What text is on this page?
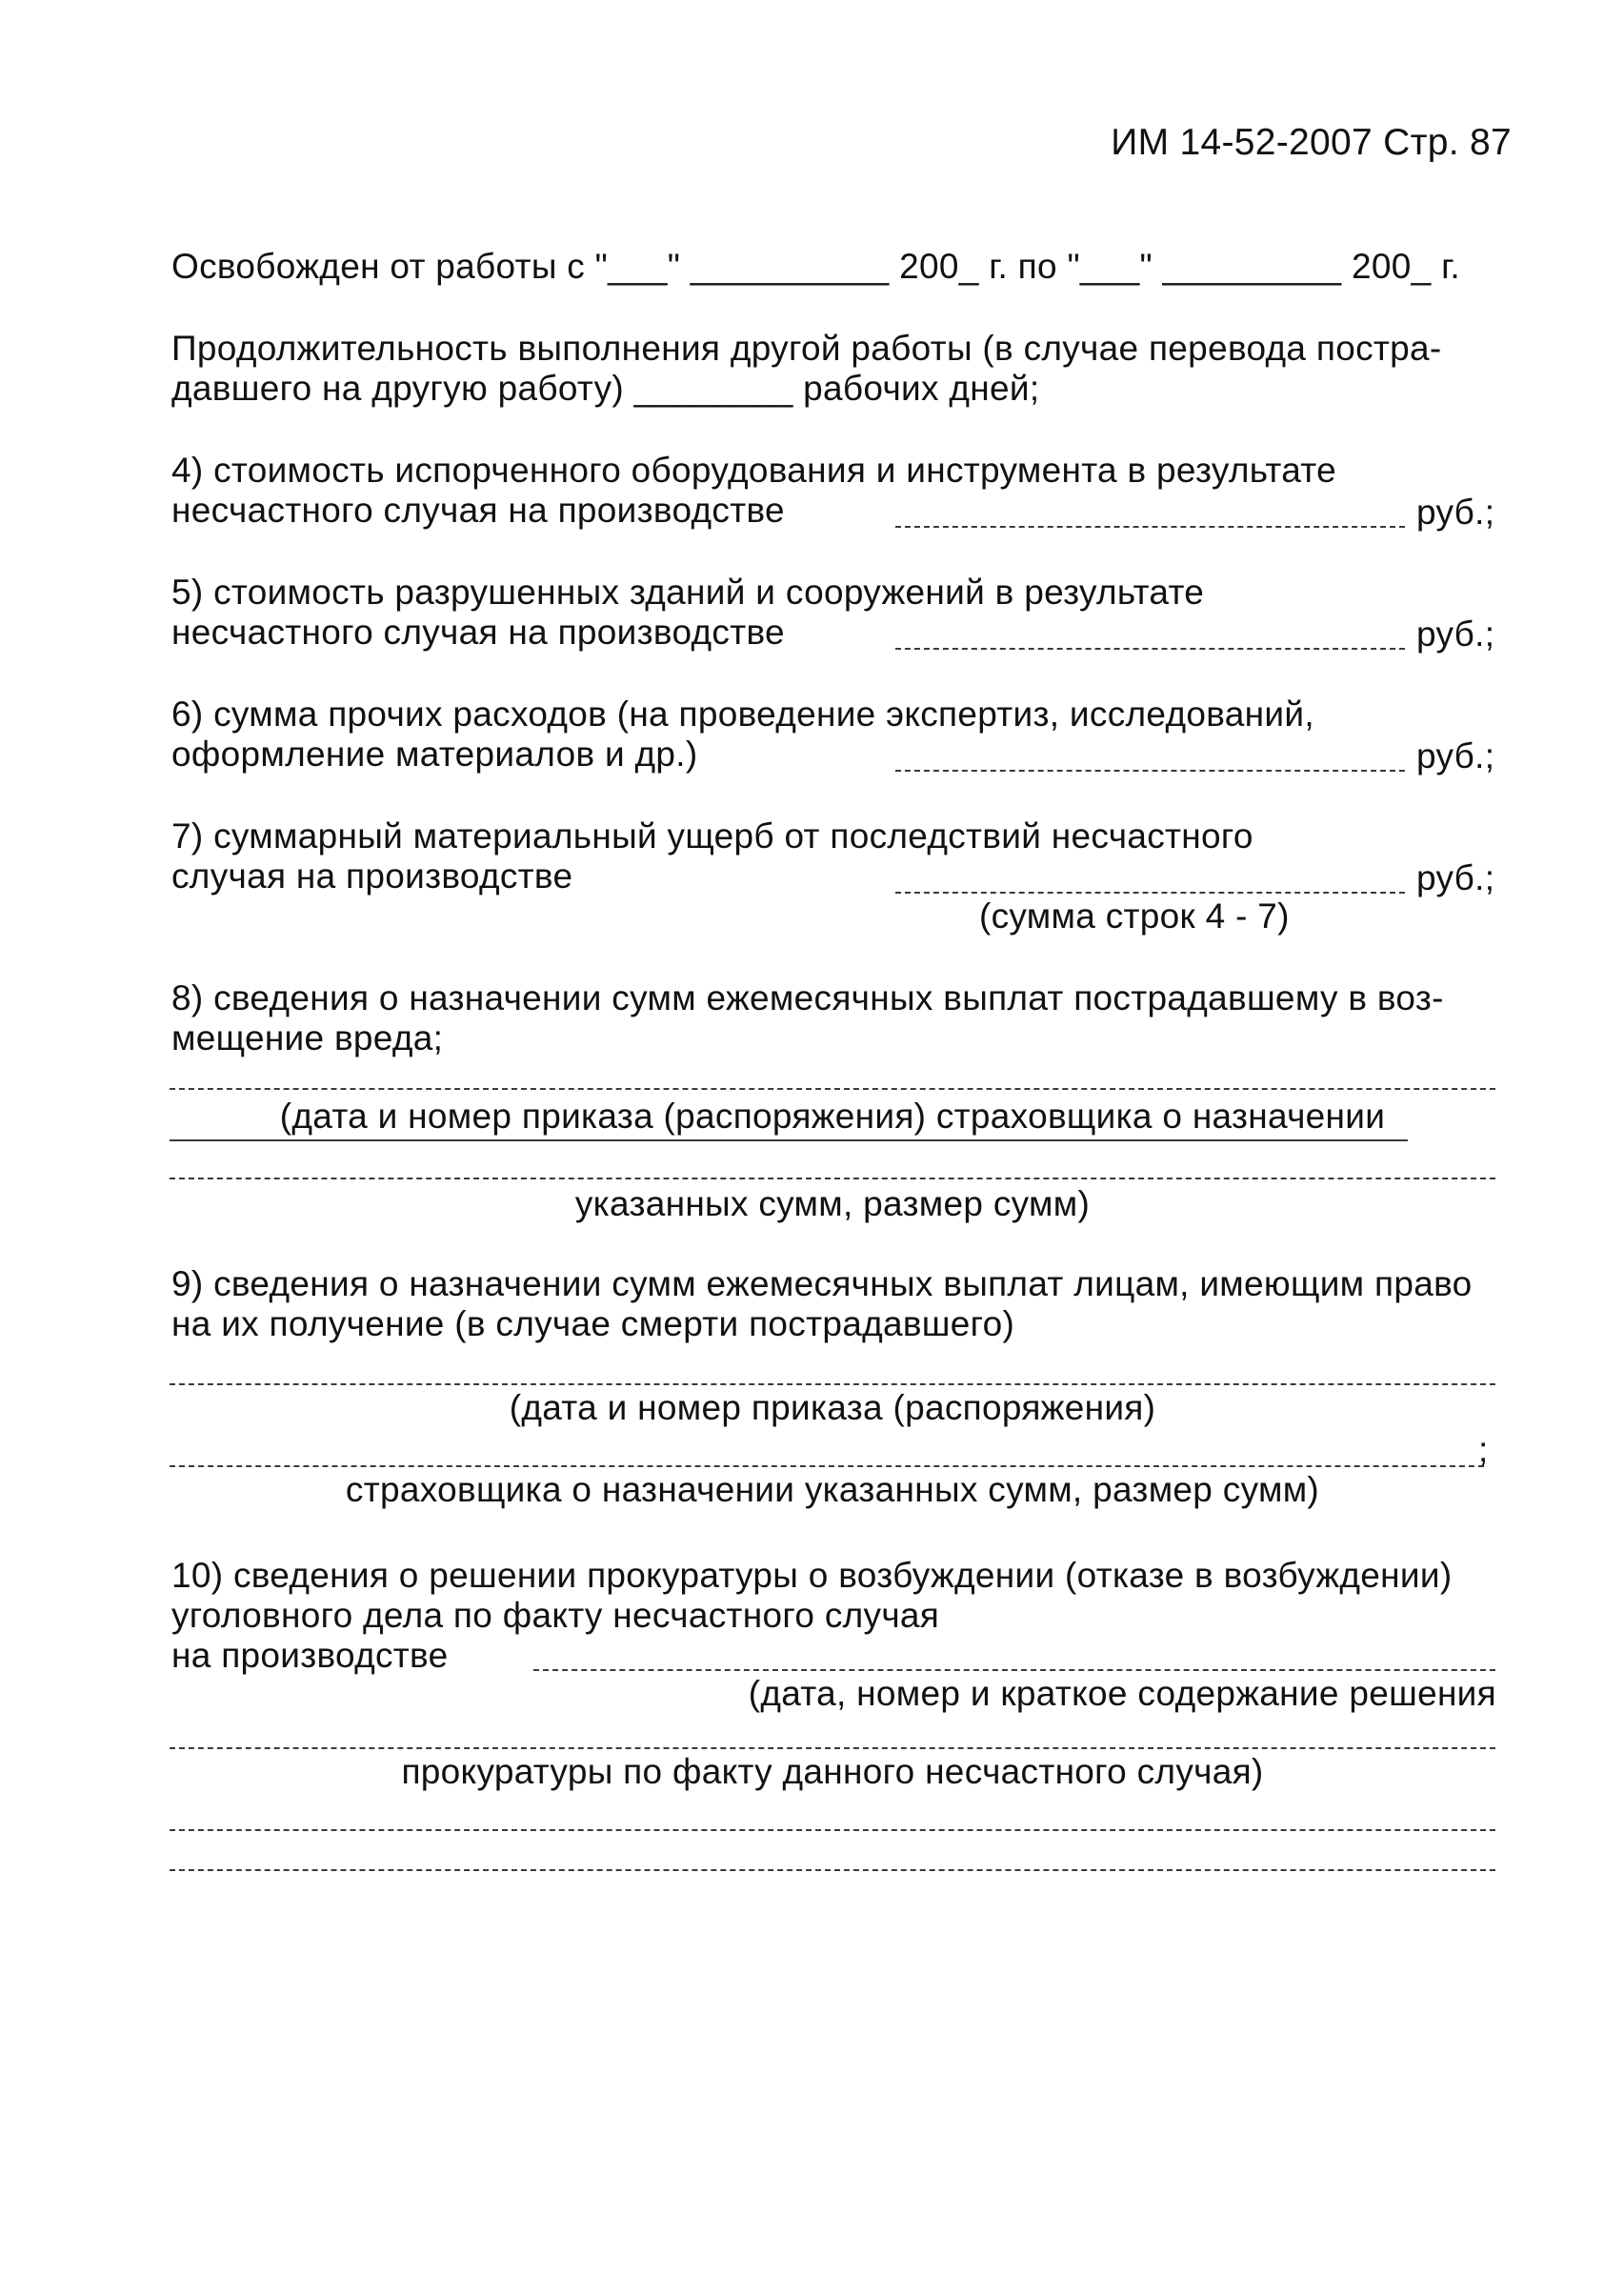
ИМ 14-52-2007 Стр. 87
Освобожден от работы с "___" __________ 200_ г. по "___" _________ 200_ г.
Продолжительность выполнения другой работы (в случае перевода постра-
давшего на другую работу) ________ рабочих дней;
4) стоимость испорченного оборудования и инструмента в результате
несчастного случая на производстве	руб.;
5) стоимость разрушенных зданий и сооружений в результате
несчастного случая на производстве	руб.;
6) сумма прочих расходов (на проведение экспертиз, исследований,
оформление материалов и др.)	руб.;
7) суммарный материальный ущерб от последствий несчастного
случая на производстве	руб.;
(сумма строк 4 - 7)
8) сведения о назначении сумм ежемесячных выплат пострадавшему в воз-
мещение вреда;
(дата и номер приказа (распоряжения) страховщика о назначении
указанных сумм, размер сумм)
9) сведения о назначении сумм ежемесячных выплат лицам, имеющим право
на их получение (в случае смерти пострадавшего)
(дата и номер приказа (распоряжения)
;
страховщика о назначении указанных сумм, размер сумм)
10) сведения о решении прокуратуры о возбуждении (отказе в возбуждении)
уголовного дела по факту несчастного случая
на производстве
(дата, номер и краткое содержание решения
прокуратуры по факту данного несчастного случая)
